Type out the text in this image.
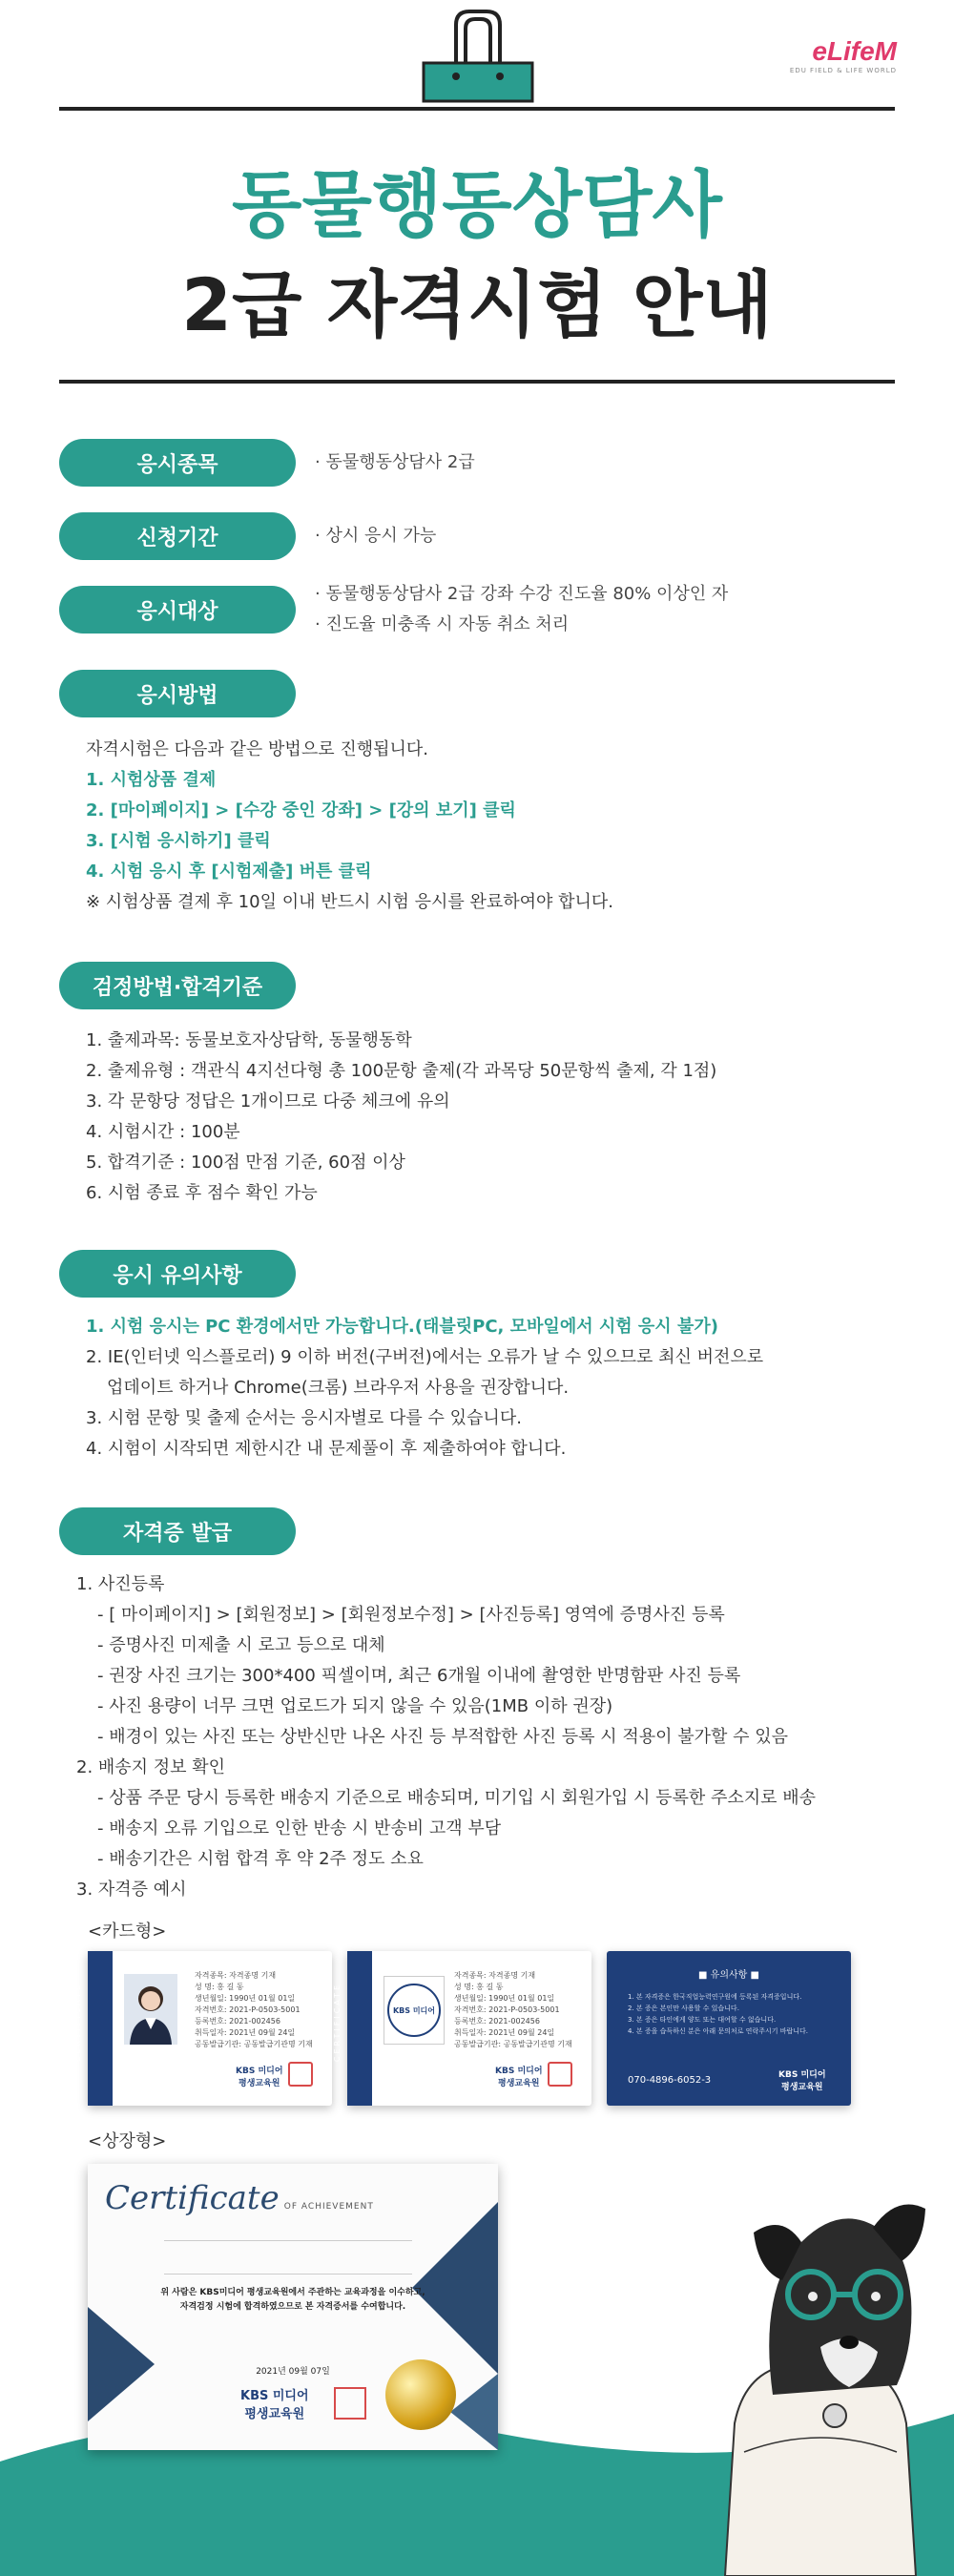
eLifeM
EDU FIELD & LIFE WORLD
동물행동상담사
2급 자격시험 안내
응시종목	· 동물행동상담사 2급
신청기간	· 상시 응시 가능
응시대상
· 동물행동상담사 2급 강좌 수강 진도율 80% 이상인 자
· 진도율 미충족 시 자동 취소 처리
응시방법
자격시험은 다음과 같은 방법으로 진행됩니다.
1. 시험상품 결제
2. [마이페이지] > [수강 중인 강좌] > [강의 보기] 클릭
3. [시험 응시하기] 클릭
4. 시험 응시 후 [시험제출] 버튼 클릭
※ 시험상품 결제 후 10일 이내 반드시 시험 응시를 완료하여야 합니다.
검정방법·합격기준
1. 출제과목: 동물보호자상담학, 동물행동학
2. 출제유형 : 객관식 4지선다형 총 100문항 출제(각 과목당 50문항씩 출제, 각 1점)
3. 각 문항당 정답은 1개이므로 다중 체크에 유의
4. 시험시간 : 100분
5. 합격기준 : 100점 만점 기준, 60점 이상
6. 시험 종료 후 점수 확인 가능
응시 유의사항
1. 시험 응시는 PC 환경에서만 가능합니다.(태블릿PC, 모바일에서 시험 응시 불가)
2. IE(인터넷 익스플로러) 9 이하 버전(구버전)에서는 오류가 날 수 있으므로 최신 버전으로
업데이트 하거나 Chrome(크롬) 브라우저 사용을 권장합니다.
3. 시험 문항 및 출제 순서는 응시자별로 다를 수 있습니다.
4. 시험이 시작되면 제한시간 내 문제풀이 후 제출하여야 합니다.
자격증 발급
1. 사진등록
- [ 마이페이지] > [회원정보] > [회원정보수정] > [사진등록] 영역에 증명사진 등록
- 증명사진 미제출 시 로고 등으로 대체
- 권장 사진 크기는 300*400 픽셀이며, 최근 6개월 이내에 촬영한 반명함판 사진 등록
- 사진 용량이 너무 크면 업로드가 되지 않을 수 있음(1MB 이하 권장)
- 배경이 있는 사진 또는 상반신만 나온 사진 등 부적합한 사진 등록 시 적용이 불가할 수 있음
2. 배송지 정보 확인
- 상품 주문 당시 등록한 배송지 기준으로 배송되며, 미기입 시 회원가입 시 등록한 주소지로 배송
- 배송지 오류 기입으로 인한 반송 시 반송비 고객 부담
- 배송기간은 시험 합격 후 약 2주 정도 소요
3. 자격증 예시
<카드형>
CERTIFICATE
자격종목: 자격종명 기재
성 명: 홍 길 동
생년월일: 1990년 01월 01일
자격번호: 2021-P-0503-5001
등록번호: 2021-002456
취득일자: 2021년 09월 24일
공동발급기관: 공동발급기관명 기재
KBS 미디어
평생교육원
CERTIFICATE	KBS 미디어
자격종목: 자격종명 기재
성 명: 홍 길 동
생년월일: 1990년 01월 01일
자격번호: 2021-P-0503-5001
등록번호: 2021-002456
취득일자: 2021년 09월 24일
공동발급기관: 공동발급기관명 기재
KBS 미디어
평생교육원
■ 유의사항 ■
1. 본 자격증은 한국직업능력연구원에 등록된 자격증입니다.
2. 본 증은 본인만 사용할 수 있습니다.
3. 본 증은 타인에게 양도 또는 대여할 수 없습니다.
4. 본 증을 습득하신 분은 아래 문의처로 연락주시기 바랍니다.
070-4896-6052-3	KBS 미디어
평생교육원
<상장형>
Certificate OF ACHIEVEMENT
위 사람은 KBS미디어 평생교육원에서 주관하는 교육과정을 이수하고,
자격검정 시험에 합격하였으므로 본 자격증서를 수여합니다.
2021년 09월 07일
KBS 미디어
평생교육원
